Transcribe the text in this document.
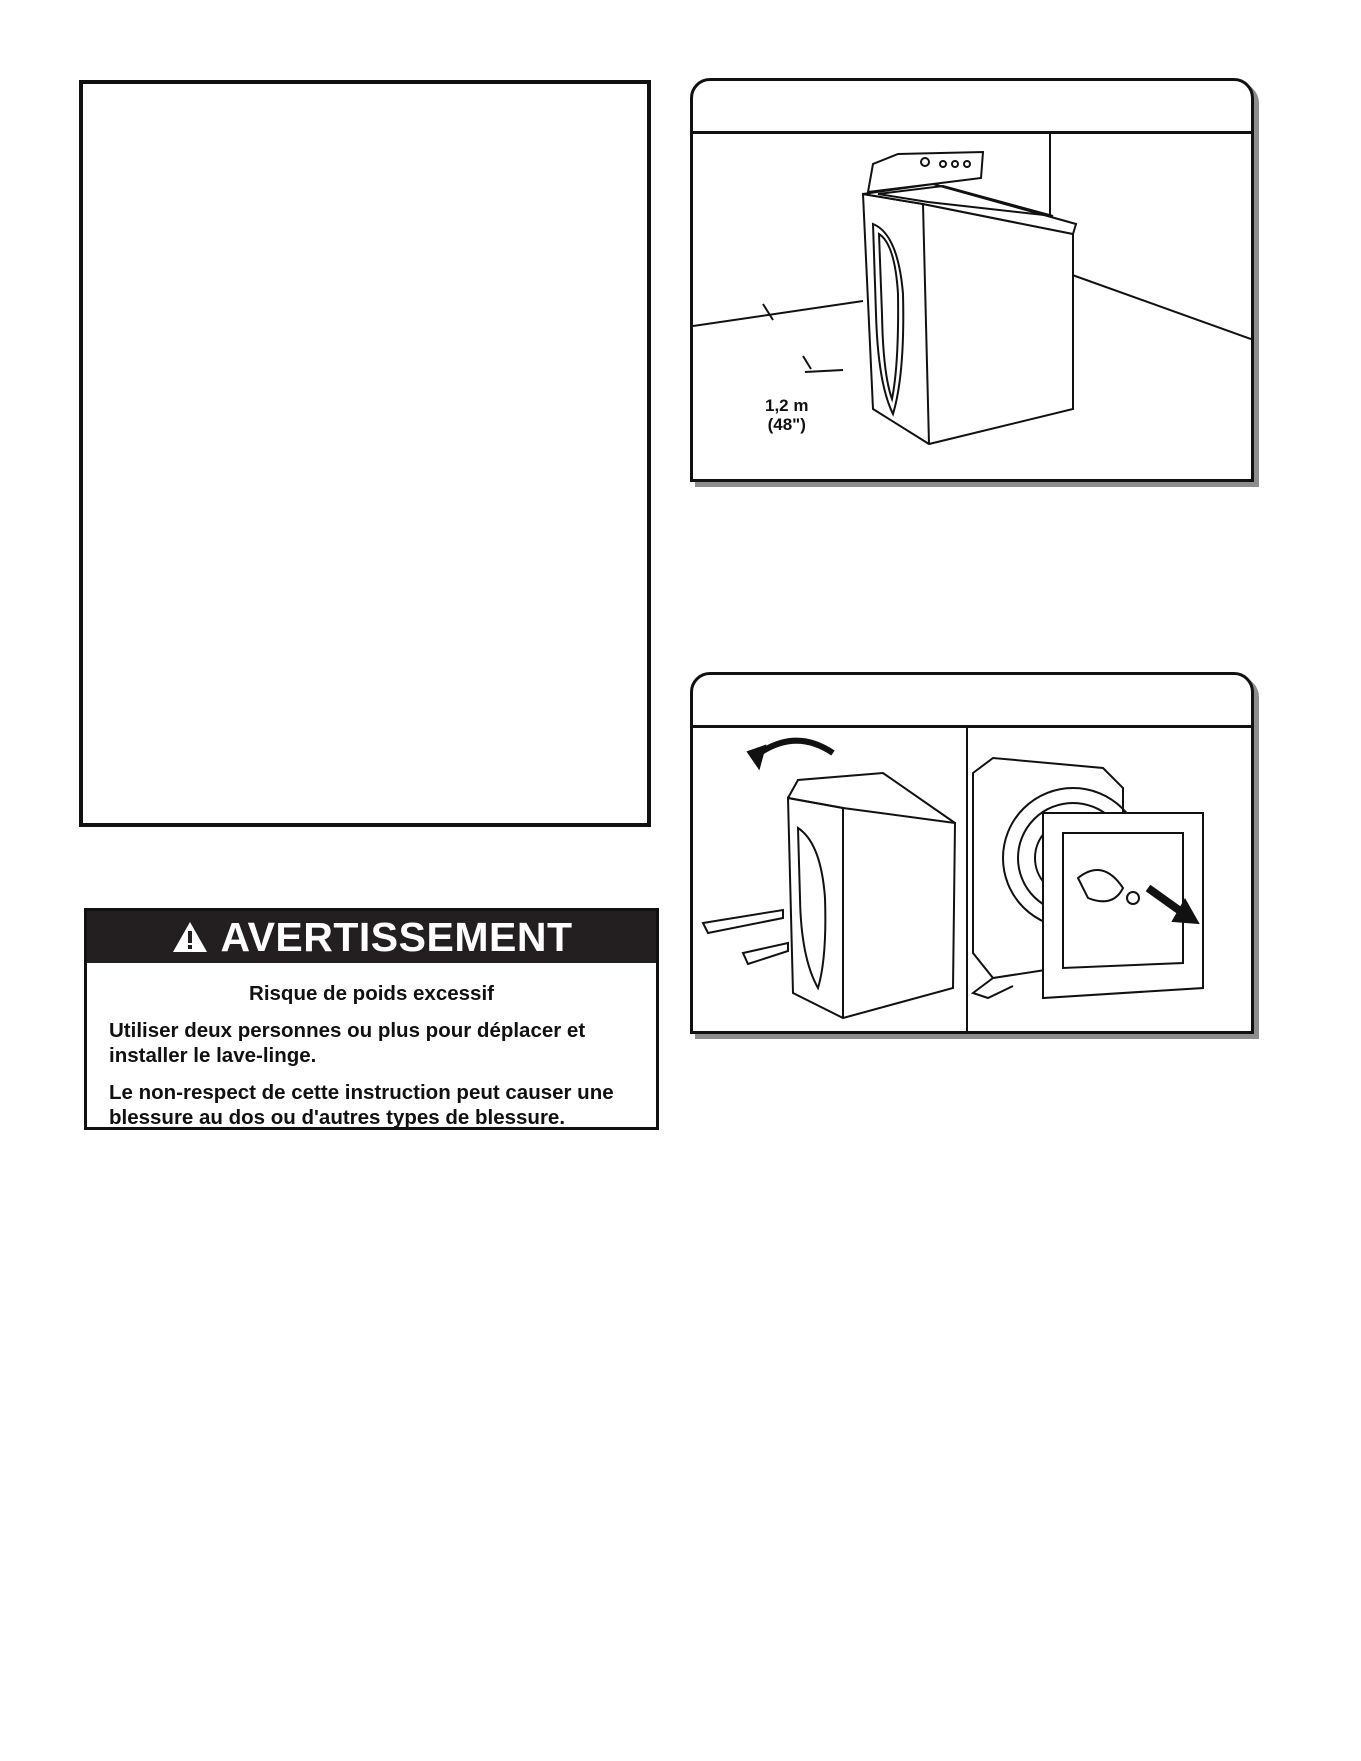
AVERTISSEMENT

Risque de poids excessif

Utiliser deux personnes ou plus pour déplacer et installer le lave-linge.

Le non-respect de cette instruction peut causer une blessure au dos ou d'autres types de blessure.

1,2 m
(48")
